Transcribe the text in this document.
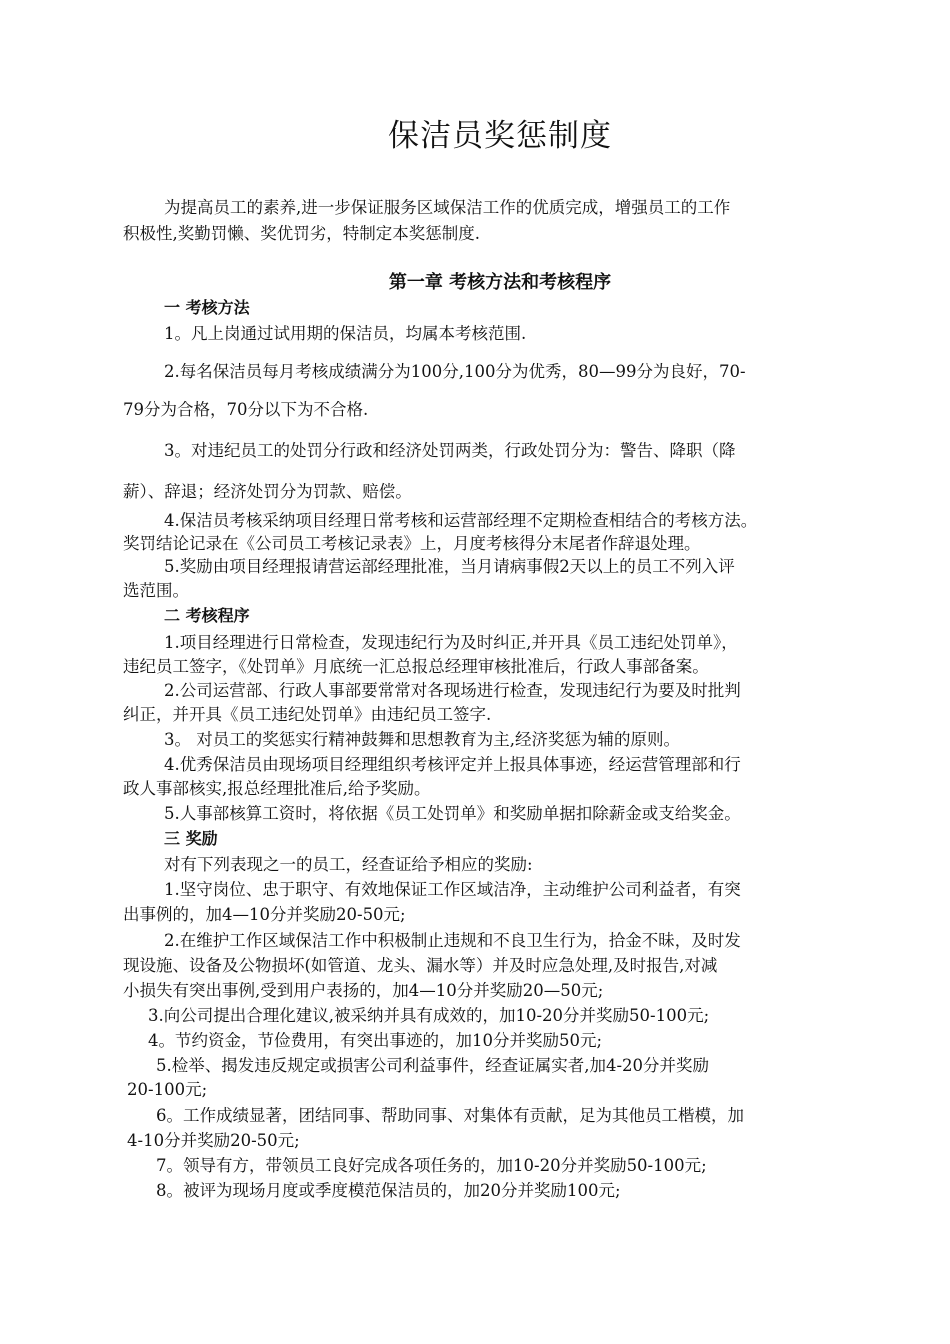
保洁员奖惩制度
为提高员工的素养,进一步保证服务区域保洁工作的优质完成，增强员工的工作
积极性,奖勤罚懒、奖优罚劣，特制定本奖惩制度.
第一章 考核方法和考核程序
一 考核方法
1。凡上岗通过试用期的保洁员，均属本考核范围.
2.每名保洁员每月考核成绩满分为100分,100分为优秀，80—99分为良好，70-
79分为合格，70分以下为不合格.
3。对违纪员工的处罚分行政和经济处罚两类，行政处罚分为：警告、降职（降
薪）、辞退；经济处罚分为罚款、赔偿。
4.保洁员考核采纳项目经理日常考核和运营部经理不定期检查相结合的考核方法。
奖罚结论记录在《公司员工考核记录表》上，月度考核得分末尾者作辞退处理。
5.奖励由项目经理报请营运部经理批准，当月请病事假2天以上的员工不列入评
选范围。
二 考核程序
1.项目经理进行日常检查，发现违纪行为及时纠正,并开具《员工违纪处罚单》，
违纪员工签字，《处罚单》月底统一汇总报总经理审核批准后，行政人事部备案。
2.公司运营部、行政人事部要常常对各现场进行检查，发现违纪行为要及时批判
纠正，并开具《员工违纪处罚单》由违纪员工签字.
3。 对员工的奖惩实行精神鼓舞和思想教育为主,经济奖惩为辅的原则。
4.优秀保洁员由现场项目经理组织考核评定并上报具体事迹，经运营管理部和行
政人事部核实,报总经理批准后,给予奖励。
5.人事部核算工资时，将依据《员工处罚单》和奖励单据扣除薪金或支给奖金。
三 奖励
对有下列表现之一的员工，经查证给予相应的奖励:
1.坚守岗位、忠于职守、有效地保证工作区域洁净，主动维护公司利益者，有突
出事例的，加4—10分并奖励20-50元;
2.在维护工作区域保洁工作中积极制止违规和不良卫生行为，拾金不昧，及时发
现设施、设备及公物损坏(如管道、龙头、漏水等）并及时应急处理,及时报告,对减
小损失有突出事例,受到用户表扬的，加4—10分并奖励20—50元;
3.向公司提出合理化建议,被采纳并具有成效的，加10-20分并奖励50-100元;
4。节约资金，节俭费用，有突出事迹的，加10分并奖励50元;
5.检举、揭发违反规定或损害公司利益事件，经查证属实者,加4-20分并奖励
20-100元;
6。工作成绩显著，团结同事、帮助同事、对集体有贡献，足为其他员工楷模，加
4-10分并奖励20-50元;
7。领导有方，带领员工良好完成各项任务的，加10-20分并奖励50-100元;
8。被评为现场月度或季度模范保洁员的，加20分并奖励100元;
